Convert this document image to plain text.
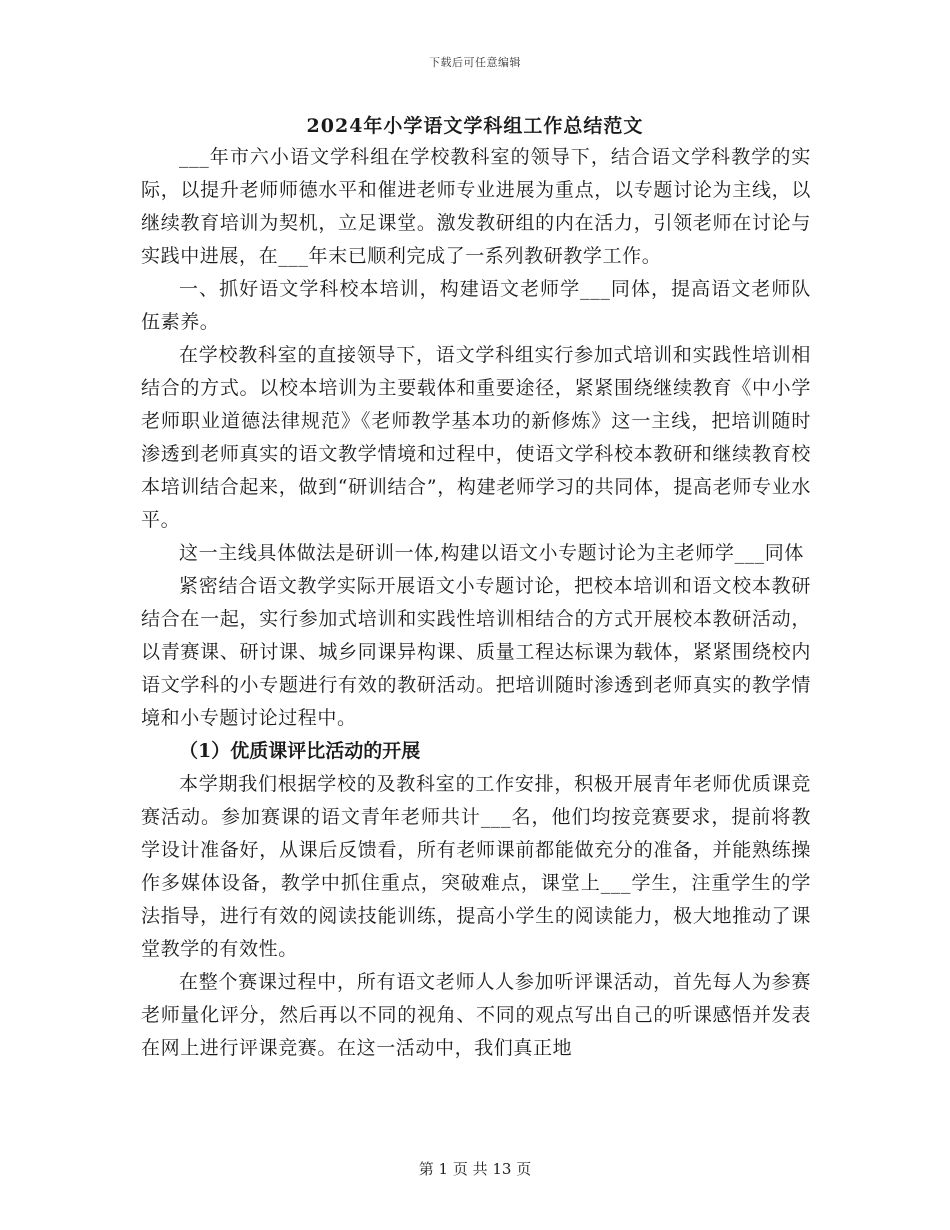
下载后可任意编辑
2024年小学语文学科组工作总结范文

___年市六小语文学科组在学校教科室的领导下，结合语文学科教学的实际，以提升老师师德水平和催进老师专业进展为重点，以专题讨论为主线，以继续教育培训为契机，立足课堂。激发教研组的内在活力，引领老师在讨论与实践中进展，在___年末已顺利完成了一系列教研教学工作。

一、抓好语文学科校本培训，构建语文老师学___同体，提高语文老师队伍素养。

在学校教科室的直接领导下，语文学科组实行参加式培训和实践性培训相结合的方式。以校本培训为主要载体和重要途径，紧紧围绕继续教育《中小学老师职业道德法律规范》《老师教学基本功的新修炼》这一主线，把培训随时渗透到老师真实的语文教学情境和过程中，使语文学科校本教研和继续教育校本培训结合起来，做到“研训结合”，构建老师学习的共同体，提高老师专业水平。

这一主线具体做法是研训一体,构建以语文小专题讨论为主老师学___同体

紧密结合语文教学实际开展语文小专题讨论，把校本培训和语文校本教研结合在一起，实行参加式培训和实践性培训相结合的方式开展校本教研活动，以青赛课、研讨课、城乡同课异构课、质量工程达标课为载体，紧紧围绕校内语文学科的小专题进行有效的教研活动。把培训随时渗透到老师真实的教学情境和小专题讨论过程中。

（1）优质课评比活动的开展

本学期我们根据学校的及教科室的工作安排，积极开展青年老师优质课竞赛活动。参加赛课的语文青年老师共计___名，他们均按竞赛要求，提前将教学设计准备好，从课后反馈看，所有老师课前都能做充分的准备，并能熟练操作多媒体设备，教学中抓住重点，突破难点，课堂上___学生，注重学生的学法指导，进行有效的阅读技能训练，提高小学生的阅读能力，极大地推动了课堂教学的有效性。

在整个赛课过程中，所有语文老师人人参加听评课活动，首先每人为参赛老师量化评分，然后再以不同的视角、不同的观点写出自己的听课感悟并发表在网上进行评课竞赛。在这一活动中，我们真正地

第 1 页 共 13 页
